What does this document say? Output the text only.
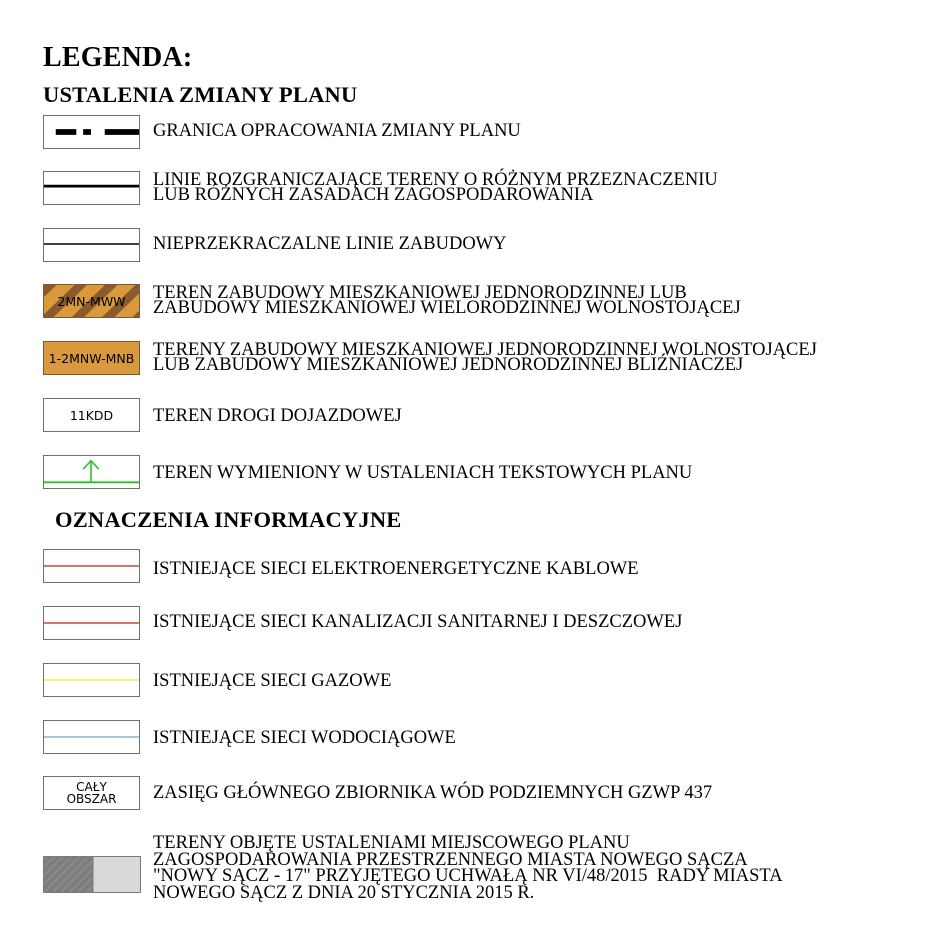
LEGENDA:
USTALENIA ZMIANY PLANU
GRANICA OPRACOWANIA ZMIANY PLANU
LINIE ROZGRANICZAJĄCE TERENY O RÓŻNYM PRZEZNACZENIU
LUB RÓŻNYCH ZASADACH ZAGOSPODAROWANIA
NIEPRZEKRACZALNE LINIE ZABUDOWY
2MN-MWW	TEREN ZABUDOWY MIESZKANIOWEJ JEDNORODZINNEJ LUB
ZABUDOWY MIESZKANIOWEJ WIELORODZINNEJ WOLNOSTOJĄCEJ
1-2MNW-MNB TERENY ZABUDOWY MIESZKANIOWEJ JEDNORODZINNEJ WOLNOSTOJĄCEJ
LUB ZABUDOWY MIESZKANIOWEJ JEDNORODZINNEJ BLIŹNIACZEJ
11KDD	TEREN DROGI DOJAZDOWEJ
TEREN WYMIENIONY W USTALENIACH TEKSTOWYCH PLANU
OZNACZENIA INFORMACYJNE
ISTNIEJĄCE SIECI ELEKTROENERGETYCZNE KABLOWE
ISTNIEJĄCE SIECI KANALIZACJI SANITARNEJ I DESZCZOWEJ
ISTNIEJĄCE SIECI GAZOWE
ISTNIEJĄCE SIECI WODOCIĄGOWE
CAŁY
OBSZAR ZASIĘG GŁÓWNEGO ZBIORNIKA WÓD PODZIEMNYCH GZWP 437
TERENY OBJĘTE USTALENIAMI MIEJSCOWEGO PLANU
ZAGOSPODAROWANIA PRZESTRZENNEGO MIASTA NOWEGO SĄCZA
"NOWY SĄCZ - 17" PRZYJĘTEGO UCHWAŁĄ NR VI/48/2015  RADY MIASTA
NOWEGO SĄCZ Z DNIA 20 STYCZNIA 2015 R.
